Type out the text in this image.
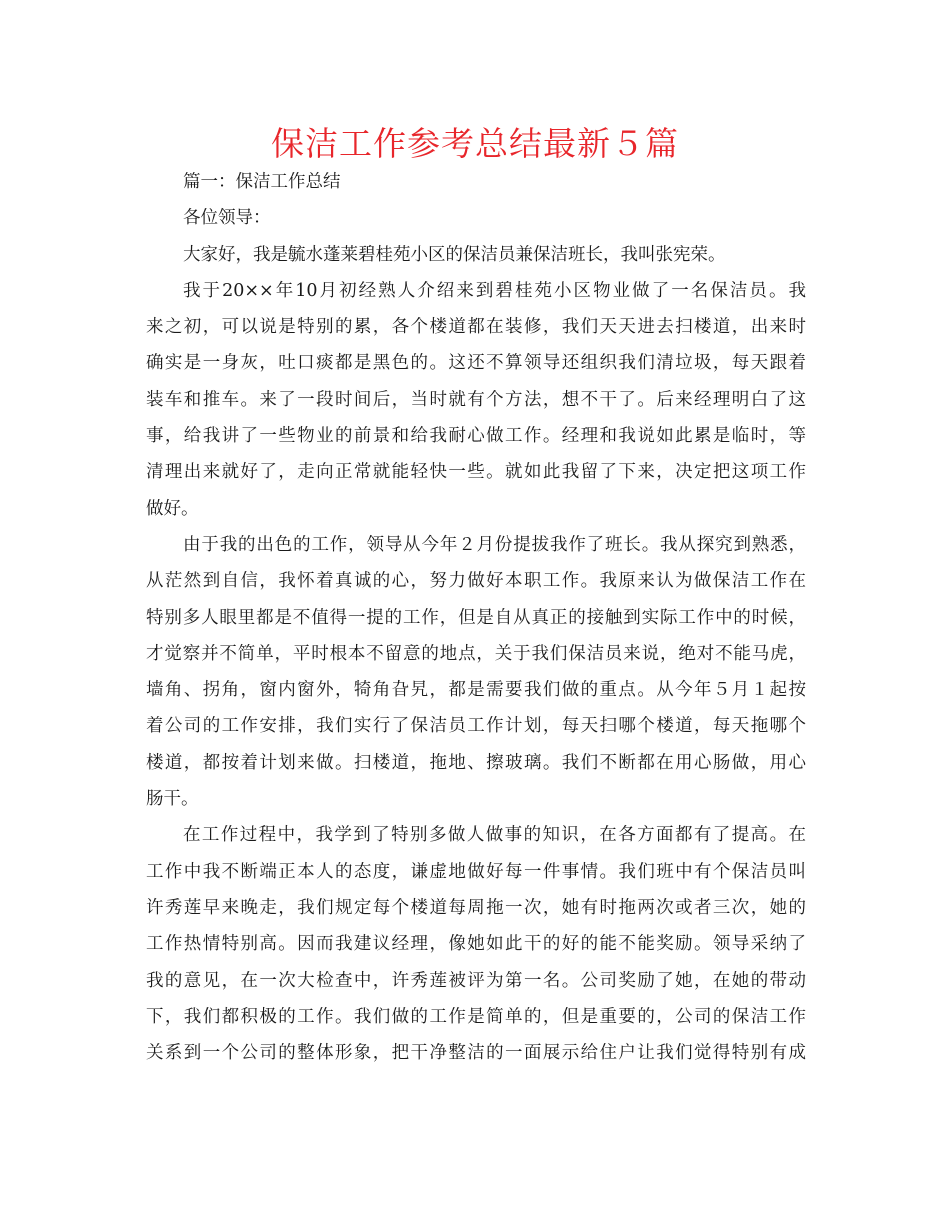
保洁工作参考总结最新５篇
篇一：保洁工作总结
各位领导：
大家好，我是毓水蓬莱碧桂苑小区的保洁员兼保洁班长，我叫张宪荣。
我于20××年10月初经熟人介绍来到碧桂苑小区物业做了一名保洁员。我
来之初，可以说是特别的累，各个楼道都在装修，我们天天进去扫楼道，出来时
确实是一身灰，吐口痰都是黑色的。这还不算领导还组织我们清垃圾，每天跟着
装车和推车。来了一段时间后，当时就有个方法，想不干了。后来经理明白了这
事，给我讲了一些物业的前景和给我耐心做工作。经理和我说如此累是临时，等
清理出来就好了，走向正常就能轻快一些。就如此我留了下来，决定把这项工作
做好。
由于我的出色的工作，领导从今年２月份提拔我作了班长。我从探究到熟悉，
从茫然到自信，我怀着真诚的心，努力做好本职工作。我原来认为做保洁工作在
特别多人眼里都是不值得一提的工作，但是自从真正的接触到实际工作中的时候，
才觉察并不简单，平时根本不留意的地点，关于我们保洁员来说，绝对不能马虎，
墙角、拐角，窗内窗外，犄角旮旯，都是需要我们做的重点。从今年５月１起按
着公司的工作安排，我们实行了保洁员工作计划，每天扫哪个楼道，每天拖哪个
楼道，都按着计划来做。扫楼道，拖地、擦玻璃。我们不断都在用心肠做，用心
肠干。
在工作过程中，我学到了特别多做人做事的知识，在各方面都有了提高。在
工作中我不断端正本人的态度，谦虚地做好每一件事情。我们班中有个保洁员叫
许秀莲早来晚走，我们规定每个楼道每周拖一次，她有时拖两次或者三次，她的
工作热情特别高。因而我建议经理，像她如此干的好的能不能奖励。领导采纳了
我的意见，在一次大检查中，许秀莲被评为第一名。公司奖励了她，在她的带动
下，我们都积极的工作。我们做的工作是简单的，但是重要的，公司的保洁工作
关系到一个公司的整体形象，把干净整洁的一面展示给住户让我们觉得特别有成
